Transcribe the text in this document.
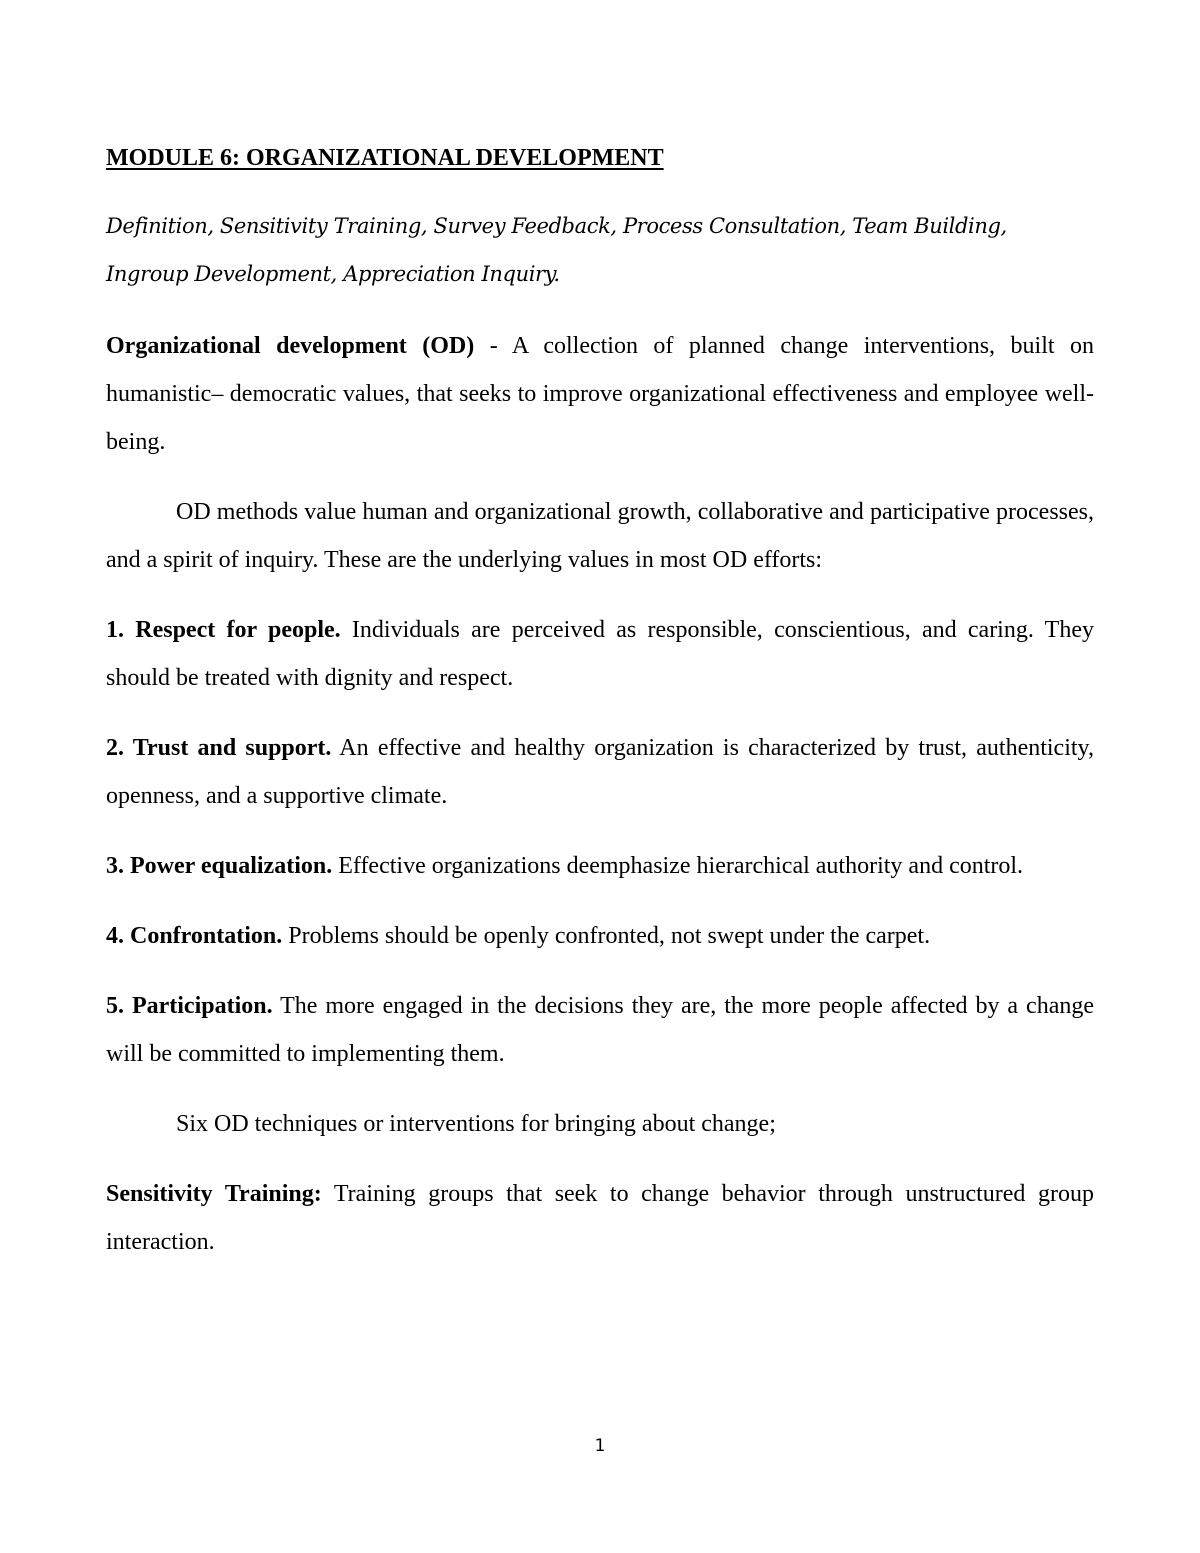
MODULE 6: ORGANIZATIONAL DEVELOPMENT

Definition, Sensitivity Training, Survey Feedback, Process Consultation, Team Building, Ingroup Development, Appreciation Inquiry.

Organizational development (OD) - A collection of planned change interventions, built on humanistic– democratic values, that seeks to improve organizational effectiveness and employee well-being.

OD methods value human and organizational growth, collaborative and participative processes, and a spirit of inquiry. These are the underlying values in most OD efforts:

1. Respect for people. Individuals are perceived as responsible, conscientious, and caring. They should be treated with dignity and respect.

2. Trust and support. An effective and healthy organization is characterized by trust, authenticity, openness, and a supportive climate.

3. Power equalization. Effective organizations deemphasize hierarchical authority and control.

4. Confrontation. Problems should be openly confronted, not swept under the carpet.

5. Participation. The more engaged in the decisions they are, the more people affected by a change will be committed to implementing them.

Six OD techniques or interventions for bringing about change;

Sensitivity Training: Training groups that seek to change behavior through unstructured group interaction.

1
